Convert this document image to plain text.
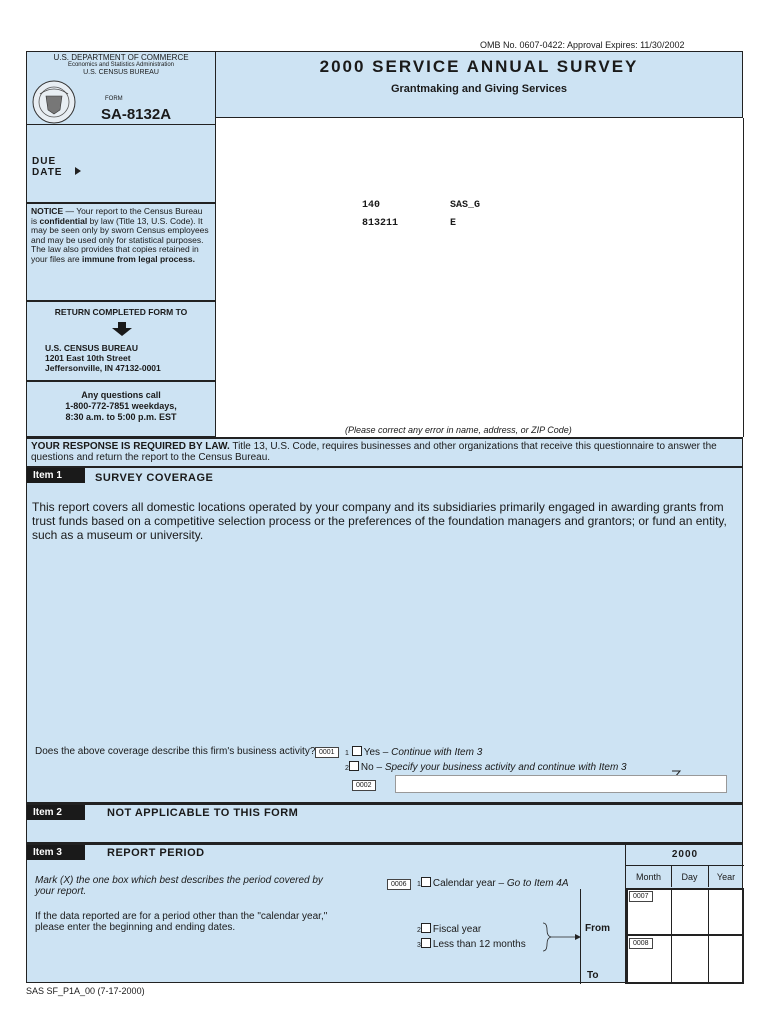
OMB No. 0607-0422: Approval Expires: 11/30/2002
U.S. DEPARTMENT OF COMMERCE
Economics and Statistics Administration
U.S. CENSUS BUREAU
FORM
SA-8132A
DUE DATE
2000 SERVICE ANNUAL SURVEY
Grantmaking and Giving Services
140	SAS_G
813211	E
(Please correct any error in name, address, or ZIP Code)
NOTICE — Your report to the Census Bureau is confidential by law (Title 13, U.S. Code). It may be seen only by sworn Census employees and may be used only for statistical purposes. The law also provides that copies retained in your files are immune from legal process.
RETURN COMPLETED FORM TO
U.S. CENSUS BUREAU
1201 East 10th Street
Jeffersonville, IN 47132-0001
Any questions call
1-800-772-7851 weekdays,
8:30 a.m. to 5:00 p.m. EST
YOUR RESPONSE IS REQUIRED BY LAW. Title 13, U.S. Code, requires businesses and other organizations that receive this questionnaire to answer the questions and return the report to the Census Bureau.
Item 1	SURVEY COVERAGE
This report covers all domestic locations operated by your company and its subsidiaries primarily engaged in awarding grants from trust funds based on a competitive selection process or the preferences of the foundation managers and grantors; or fund an entity, such as a museum or university.
Does the above coverage describe this firm's business activity? 0001	1 Yes – Continue with Item 3
2 No – Specify your business activity and continue with Item 3
0002
Item 2	NOT APPLICABLE TO THIS FORM
Item 3	REPORT PERIOD
Mark (X) the one box which best describes the period covered by your report.
If the data reported are for a period other than the "calendar year," please enter the beginning and ending dates.
0006	1 Calendar year – Go to Item 4A
2 Fiscal year
3 Less than 12 months
From
To
2000
Month	Day	Year
0007
0008
SAS SF_P1A_00 (7-17-2000)
